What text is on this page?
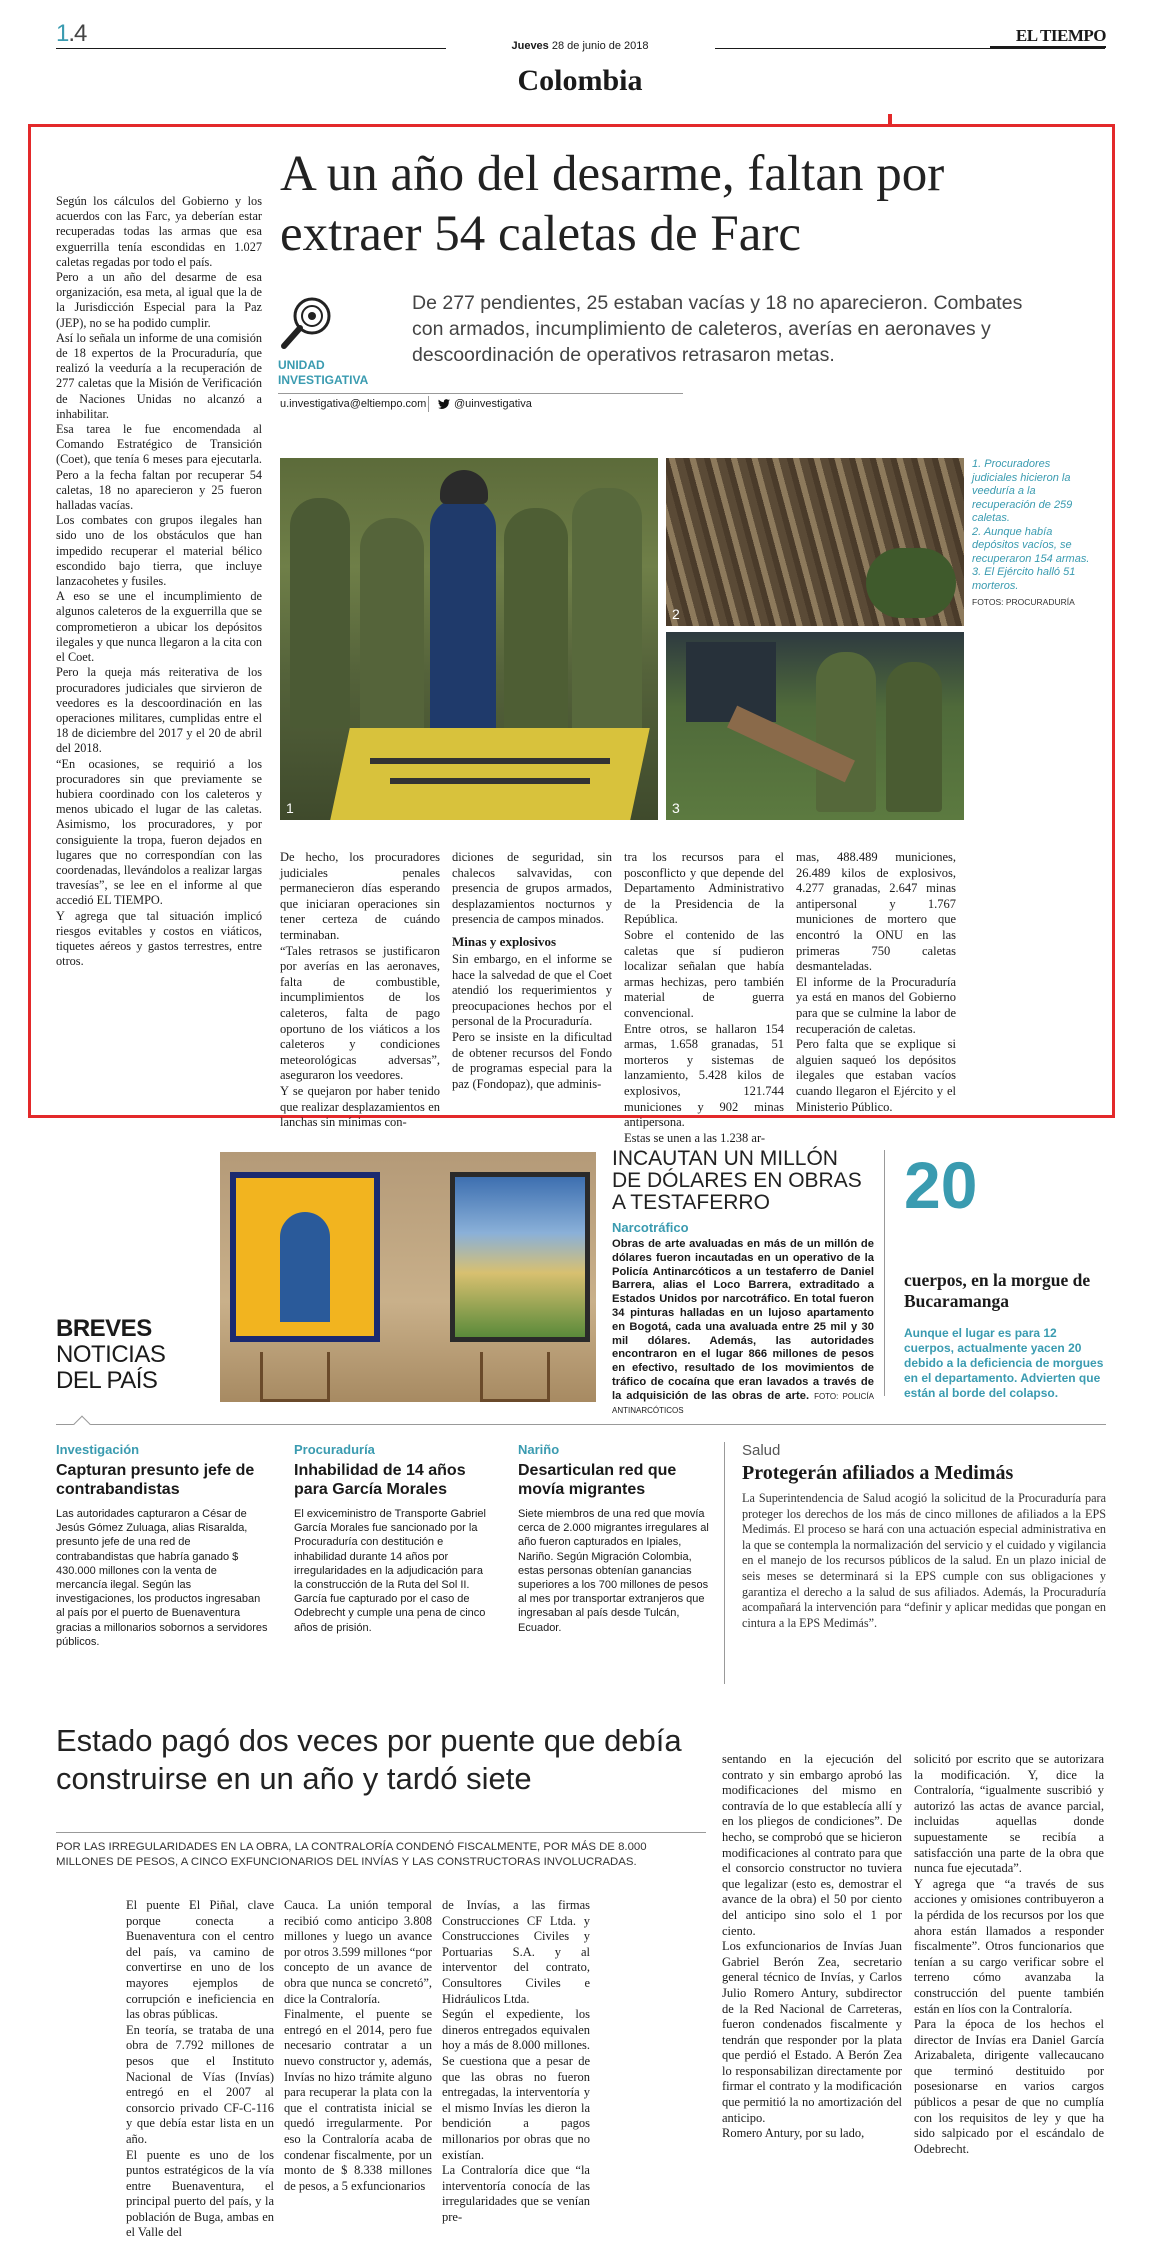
1.4	Jueves 28 de junio de 2018
Colombia
EL TIEMPO
A un año del desarme, faltan por extraer 54 caletas de Farc
UNIDAD INVESTIGATIVA

De 277 pendientes, 25 estaban vacías y 18 no aparecieron. Combates con armados, incumplimiento de caleteros, averías en aeronaves y descoordinación de operativos retrasaron metas.

u.investigativa@eltiempo.com	@uinvestigativa
1
2
3

1. Procuradores judiciales hicieron la veeduría a la recuperación de 259 caletas.

2. Aunque había depósitos vacíos, se recuperaron 154 armas.

3. El Ejército halló 51 morteros.

FOTOS: PROCURADURÍA

Según los cálculos del Gobierno y los acuerdos con las Farc, ya deberían estar recuperadas todas las armas que esa exguerrilla tenía escondidas en 1.027 caletas regadas por todo el país.
Pero a un año del desarme de esa organización, esa meta, al igual que la de la Jurisdicción Especial para la Paz (JEP), no se ha podido cumplir.
Así lo señala un informe de una comisión de 18 expertos de la Procuraduría, que realizó la veeduría a la recuperación de 277 caletas que la Misión de Verificación de Naciones Unidas no alcanzó a inhabilitar.
Esa tarea le fue encomendada al Comando Estratégico de Transición (Coet), que tenía 6 meses para ejecutarla. Pero a la fecha faltan por recuperar 54 caletas, 18 no aparecieron y 25 fueron halladas vacías.
Los combates con grupos ilegales han sido uno de los obstáculos que han impedido recuperar el material bélico escondido bajo tierra, que incluye lanzacohetes y fusiles.
A eso se une el incumplimiento de algunos caleteros de la exguerrilla que se comprometieron a ubicar los depósitos ilegales y que nunca llegaron a la cita con el Coet.
Pero la queja más reiterativa de los procuradores judiciales que sirvieron de veedores es la descoordinación en las operaciones militares, cumplidas entre el 18 de diciembre del 2017 y el 20 de abril del 2018.
“En ocasiones, se requirió a los procuradores sin que previamente se hubiera coordinado con los caleteros y menos ubicado el lugar de las caletas. Asimismo, los procuradores, y por consiguiente la tropa, fueron dejados en lugares que no correspondían con las coordenadas, llevándolos a realizar largas travesías”, se lee en el informe al que accedió EL TIEMPO.
Y agrega que tal situación implicó riesgos evitables y costos en viáticos, tiquetes aéreos y gastos terrestres, entre otros.
De hecho, los procuradores judiciales penales permanecieron días esperando que iniciaran operaciones sin tener certeza de cuándo terminaban.
“Tales retrasos se justificaron por averías en las aeronaves, falta de combustible, incumplimientos de los caleteros, falta de pago oportuno de los viáticos a los caleteros y condiciones meteorológicas adversas”, aseguraron los veedores.
Y se quejaron por haber tenido que realizar desplazamientos en lanchas sin mínimas con-
diciones de seguridad, sin chalecos salvavidas, con presencia de grupos armados, desplazamientos nocturnos y presencia de campos minados.
Minas y explosivos
Sin embargo, en el informe se hace la salvedad de que el Coet atendió los requerimientos y preocupaciones hechos por el personal de la Procuraduría.
Pero se insiste en la dificultad de obtener recursos del Fondo de programas especial para la paz (Fondopaz), que adminis-
tra los recursos para el posconflicto y que depende del Departamento Administrativo de la Presidencia de la República.
Sobre el contenido de las caletas que sí pudieron localizar señalan que había armas hechizas, pero también material de guerra convencional.
Entre otros, se hallaron 154 armas, 1.658 granadas, 51 morteros y sistemas de lanzamiento, 5.428 kilos de explosivos, 121.744 municiones y 902 minas antipersona.
Estas se unen a las 1.238 ar-
mas, 488.489 municiones, 26.489 kilos de explosivos, 4.277 granadas, 2.647 minas antipersonal y 1.767 municiones de mortero que encontró la ONU en las primeras 750 caletas desmanteladas.
El informe de la Procuraduría ya está en manos del Gobierno para que se culmine la labor de recuperación de caletas.
Pero falta que se explique si alguien saqueó los depósitos ilegales que estaban vacíos cuando llegaron el Ejército y el Ministerio Público.
BREVES
NOTICIAS
DEL PAÍS
INCAUTAN UN MILLÓN DE DÓLARES EN OBRAS A TESTAFERRO
Narcotráfico
Obras de arte avaluadas en más de un millón de dólares fueron incautadas en un operativo de la Policía Antinarcóticos a un testaferro de Daniel Barrera, alias el Loco Barrera, extraditado a Estados Unidos por narcotráfico. En total fueron 34 pinturas halladas en un lujoso apartamento en Bogotá, cada una avaluada entre 25 mil y 30 mil dólares. Además, las autoridades encontraron en el lugar 866 millones de pesos en efectivo, resultado de los movimientos de tráfico de cocaína que eran lavados a través de la adquisición de las obras de arte. FOTO: POLICÍA ANTINARCÓTICOS
20
cuerpos, en la morgue de Bucaramanga
Aunque el lugar es para 12 cuerpos, actualmente yacen 20 debido a la deficiencia de morgues en el departamento. Advierten que están al borde del colapso.
Investigación
Capturan presunto jefe de contrabandistas
Las autoridades capturaron a César de Jesús Gómez Zuluaga, alias Risaralda, presunto jefe de una red de contrabandistas que habría ganado $ 430.000 millones con la venta de mercancía ilegal. Según las investigaciones, los productos ingresaban al país por el puerto de Buenaventura gracias a millonarios sobornos a servidores públicos.
Procuraduría
Inhabilidad de 14 años para García Morales
El exviceministro de Transporte Gabriel García Morales fue sancionado por la Procuraduría con destitución e inhabilidad durante 14 años por irregularidades en la adjudicación para la construcción de la Ruta del Sol II. García fue capturado por el caso de Odebrecht y cumple una pena de cinco años de prisión.
Nariño
Desarticulan red que movía migrantes
Siete miembros de una red que movía cerca de 2.000 migrantes irregulares al año fueron capturados en Ipiales, Nariño. Según Migración Colombia, estas personas obtenían ganancias superiores a los 700 millones de pesos al mes por transportar extranjeros que ingresaban al país desde Tulcán, Ecuador.
Salud
Protegerán afiliados a Medimás
La Superintendencia de Salud acogió la solicitud de la Procuraduría para proteger los derechos de los más de cinco millones de afiliados a la EPS Medimás. El proceso se hará con una actuación especial administrativa en la que se contempla la normalización del servicio y el cuidado y vigilancia en el manejo de los recursos públicos de la salud. En un plazo inicial de seis meses se determinará si la EPS cumple con sus obligaciones y garantiza el derecho a la salud de sus afiliados. Además, la Procuraduría acompañará la intervención para “definir y aplicar medidas que pongan en cintura a la EPS Medimás”.
Estado pagó dos veces por puente que debía construirse en un año y tardó siete
POR LAS IRREGULARIDADES EN LA OBRA, LA CONTRALORÍA CONDENÓ FISCALMENTE, POR MÁS DE 8.000 MILLONES DE PESOS, A CINCO EXFUNCIONARIOS DEL INVÍAS Y LAS CONSTRUCTORAS INVOLUCRADAS.
El puente El Piñal, clave porque conecta a Buenaventura con el centro del país, va camino de convertirse en uno de los mayores ejemplos de corrupción e ineficiencia en las obras públicas.
En teoría, se trataba de una obra de 7.792 millones de pesos que el Instituto Nacional de Vías (Invías) entregó en el 2007 al consorcio privado CF-C-116 y que debía estar lista en un año.
El puente es uno de los puntos estratégicos de la vía entre Buenaventura, el principal puerto del país, y la población de Buga, ambas en el Valle del
Cauca. La unión temporal recibió como anticipo 3.808 millones y luego un avance por otros 3.599 millones “por concepto de un avance de obra que nunca se concretó”, dice la Contraloría.
Finalmente, el puente se entregó en el 2014, pero fue necesario contratar a un nuevo constructor y, además, Invías no hizo trámite alguno para recuperar la plata con la que el contratista inicial se quedó irregularmente. Por eso la Contraloría acaba de condenar fiscalmente, por un monto de $ 8.338 millones de pesos, a 5 exfuncionarios
de Invías, a las firmas Construcciones CF Ltda. y Construcciones Civiles y Portuarias S.A. y al interventor del contrato, Consultores Civiles e Hidráulicos Ltda.
Según el expediente, los dineros entregados equivalen hoy a más de 8.000 millones. Se cuestiona que a pesar de que las obras no fueron entregadas, la interventoría y el mismo Invías les dieron la bendición a pagos millonarios por obras que no existían.
La Contraloría dice que “la interventoría conocía de las irregularidades que se venían pre-
sentando en la ejecución del contrato y sin embargo aprobó las modificaciones del mismo en contravía de lo que establecía allí y en los pliegos de condiciones”. De hecho, se comprobó que se hicieron modificaciones al contrato para que el consorcio constructor no tuviera que legalizar (esto es, demostrar el avance de la obra) el 50 por ciento del anticipo sino solo el 1 por ciento.
Los exfuncionarios de Invías Juan Gabriel Berón Zea, secretario general técnico de Invías, y Carlos Julio Romero Antury, subdirector de la Red Nacional de Carreteras, fueron condenados fiscalmente y tendrán que responder por la plata que perdió el Estado. A Berón Zea lo responsabilizan directamente por firmar el contrato y la modificación que permitió la no amortización del anticipo.
Romero Antury, por su lado,
solicitó por escrito que se autorizara la modificación. Y, dice la Contraloría, “igualmente suscribió y autorizó las actas de avance parcial, incluidas aquellas donde supuestamente se recibía a satisfacción una parte de la obra que nunca fue ejecutada”.
Y agrega que “a través de sus acciones y omisiones contribuyeron a la pérdida de los recursos por los que ahora están llamados a responder fiscalmente”. Otros funcionarios que tenían a su cargo verificar sobre el terreno cómo avanzaba la construcción del puente también están en líos con la Contraloría.
Para la época de los hechos el director de Invías era Daniel García Arizabaleta, dirigente vallecaucano que terminó destituido por posesionarse en varios cargos públicos a pesar de que no cumplía con los requisitos de ley y que ha sido salpicado por el escándalo de Odebrecht.
